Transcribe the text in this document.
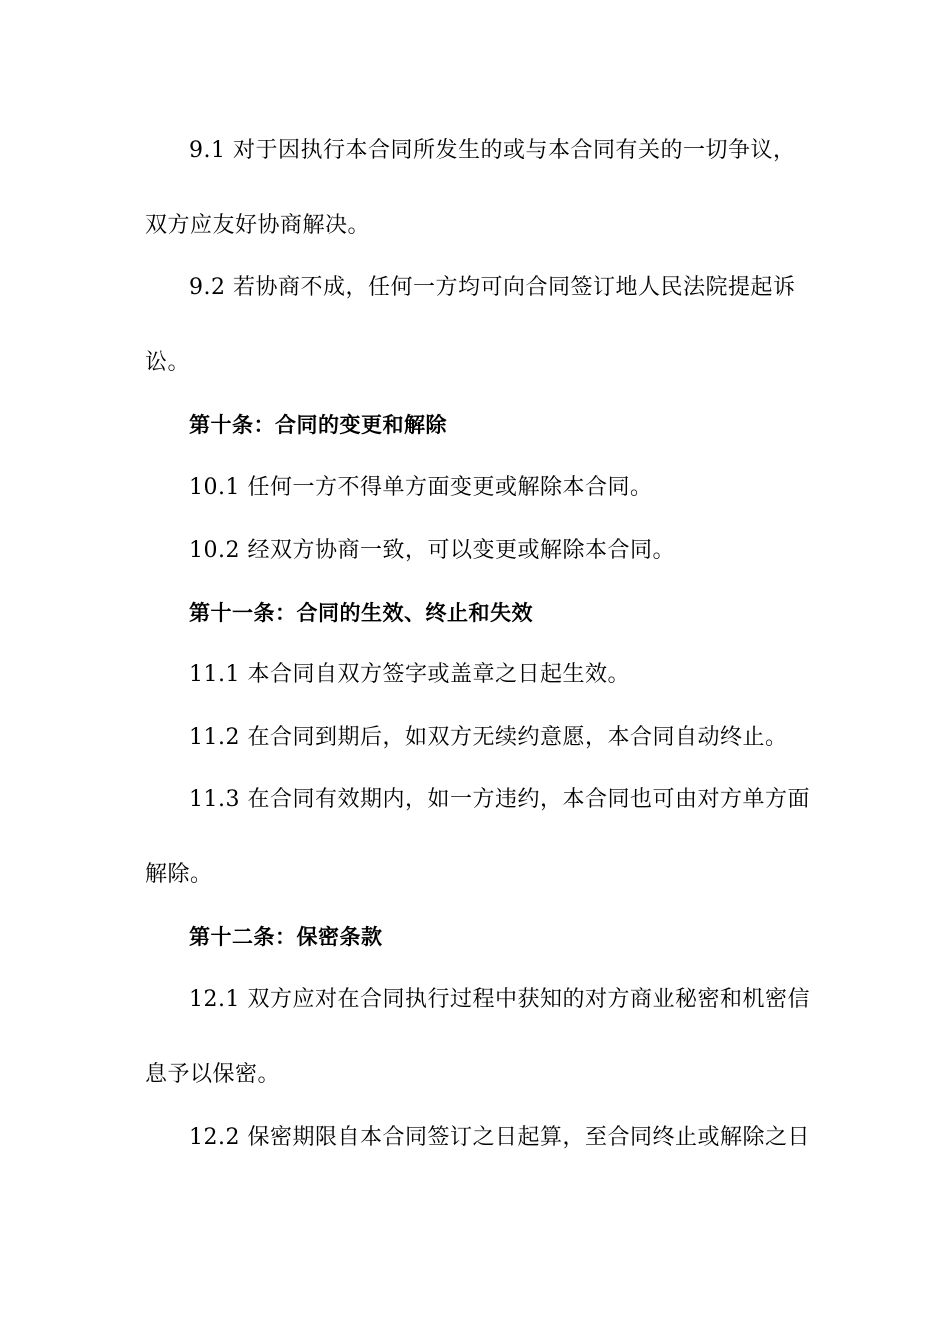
9.1 对于因执行本合同所发生的或与本合同有关的一切争议，
双方应友好协商解决。
9.2 若协商不成，任何一方均可向合同签订地人民法院提起诉
讼。
第十条：合同的变更和解除
10.1 任何一方不得单方面变更或解除本合同。
10.2 经双方协商一致，可以变更或解除本合同。
第十一条：合同的生效、终止和失效
11.1 本合同自双方签字或盖章之日起生效。
11.2 在合同到期后，如双方无续约意愿，本合同自动终止。
11.3 在合同有效期内，如一方违约，本合同也可由对方单方面
解除。
第十二条：保密条款
12.1 双方应对在合同执行过程中获知的对方商业秘密和机密信
息予以保密。
12.2 保密期限自本合同签订之日起算，至合同终止或解除之日
